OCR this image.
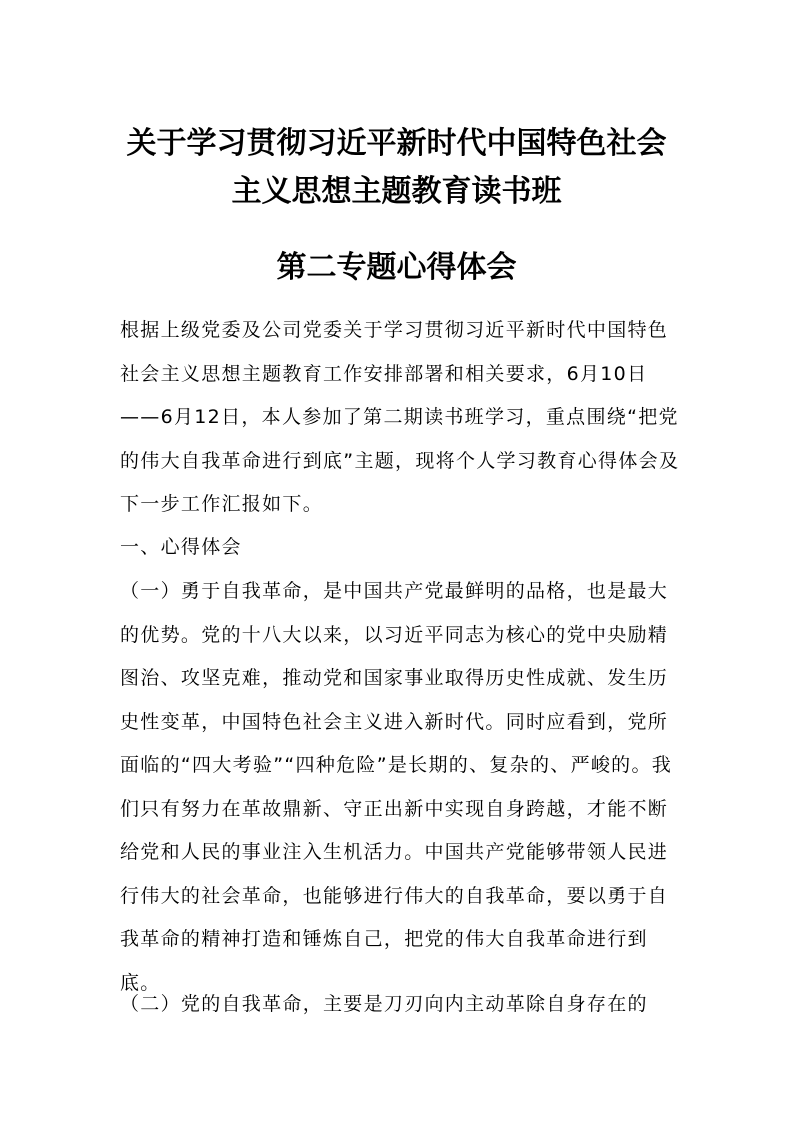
关于学习贯彻习近平新时代中国特色社会
主义思想主题教育读书班
第二专题心得体会

根据上级党委及公司党委关于学习贯彻习近平新时代中国特色社会主义思想主题教育工作安排部署和相关要求，6月10日——6月12日，本人参加了第二期读书班学习，重点围绕“把党的伟大自我革命进行到底”主题，现将个人学习教育心得体会及下一步工作汇报如下。

一、心得体会

（一）勇于自我革命，是中国共产党最鲜明的品格，也是最大的优势。党的十八大以来，以习近平同志为核心的党中央励精图治、攻坚克难，推动党和国家事业取得历史性成就、发生历史性变革，中国特色社会主义进入新时代。同时应看到，党所面临的“四大考验”“四种危险”是长期的、复杂的、严峻的。我们只有努力在革故鼎新、守正出新中实现自身跨越，才能不断给党和人民的事业注入生机活力。中国共产党能够带领人民进行伟大的社会革命，也能够进行伟大的自我革命，要以勇于自我革命的精神打造和锤炼自己，把党的伟大自我革命进行到底。

（二）党的自我革命，主要是刀刃向内主动革除自身存在的
